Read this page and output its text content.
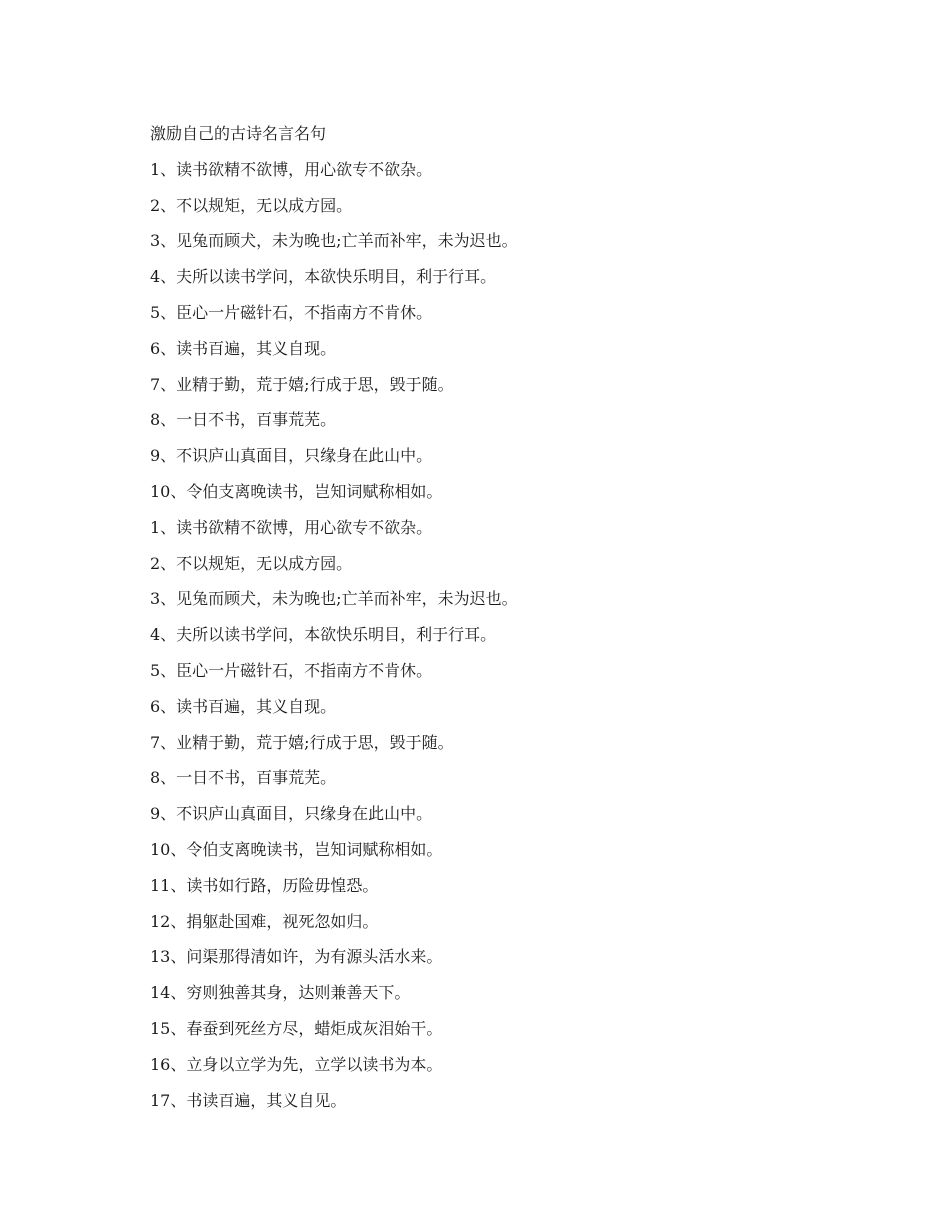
激励自己的古诗名言名句
1、读书欲精不欲博，用心欲专不欲杂。
2、不以规矩，无以成方园。
3、见兔而顾犬，未为晚也;亡羊而补牢，未为迟也。
4、夫所以读书学问，本欲快乐明目，利于行耳。
5、臣心一片磁针石，不指南方不肯休。
6、读书百遍，其义自现。
7、业精于勤，荒于嬉;行成于思，毁于随。
8、一日不书，百事荒芜。
9、不识庐山真面目，只缘身在此山中。
10、令伯支离晚读书，岂知词赋称相如。
1、读书欲精不欲博，用心欲专不欲杂。
2、不以规矩，无以成方园。
3、见兔而顾犬，未为晚也;亡羊而补牢，未为迟也。
4、夫所以读书学问，本欲快乐明目，利于行耳。
5、臣心一片磁针石，不指南方不肯休。
6、读书百遍，其义自现。
7、业精于勤，荒于嬉;行成于思，毁于随。
8、一日不书，百事荒芜。
9、不识庐山真面目，只缘身在此山中。
10、令伯支离晚读书，岂知词赋称相如。
11、读书如行路，历险毋惶恐。
12、捐躯赴国难，视死忽如归。
13、问渠那得清如许，为有源头活水来。
14、穷则独善其身，达则兼善天下。
15、春蚕到死丝方尽，蜡炬成灰泪始干。
16、立身以立学为先，立学以读书为本。
17、书读百遍，其义自见。
